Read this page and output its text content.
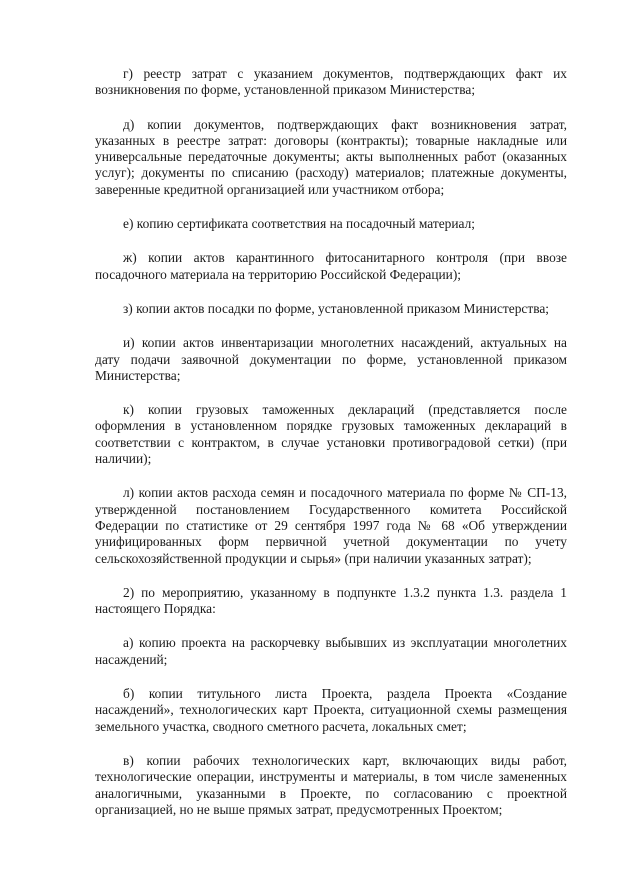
г) реестр затрат с указанием документов, подтверждающих факт их возникновения по форме, установленной приказом Министерства;

д) копии документов, подтверждающих факт возникновения затрат, указанных в реестре затрат: договоры (контракты); товарные накладные или универсальные передаточные документы; акты выполненных работ (оказанных услуг); документы по списанию (расходу) материалов; платежные документы, заверенные кредитной организацией или участником отбора;

е) копию сертификата соответствия на посадочный материал;

ж) копии актов карантинного фитосанитарного контроля (при ввозе посадочного материала на территорию Российской Федерации);

з) копии актов посадки по форме, установленной приказом Министерства;

и) копии актов инвентаризации многолетних насаждений, актуальных на дату подачи заявочной документации по форме, установленной приказом Министерства;

к) копии грузовых таможенных деклараций (представляется после оформления в установленном порядке грузовых таможенных деклараций в соответствии с контрактом, в случае установки противоградовой сетки) (при наличии);

л) копии актов расхода семян и посадочного материала по форме № СП-13, утвержденной постановлением Государственного комитета Российской Федерации по статистике от 29 сентября 1997 года № 68 «Об утверждении унифицированных форм первичной учетной документации по учету сельскохозяйственной продукции и сырья» (при наличии указанных затрат);

2) по мероприятию, указанному в подпункте 1.3.2 пункта 1.3. раздела 1 настоящего Порядка:

а) копию проекта на раскорчевку выбывших из эксплуатации многолетних насаждений;

б) копии титульного листа Проекта, раздела Проекта «Создание насаждений», технологических карт Проекта, ситуационной схемы размещения земельного участка, сводного сметного расчета, локальных смет;

в) копии рабочих технологических карт, включающих виды работ, технологические операции, инструменты и материалы, в том числе замененных аналогичными, указанными в Проекте, по согласованию с проектной организацией, но не выше прямых затрат, предусмотренных Проектом;
